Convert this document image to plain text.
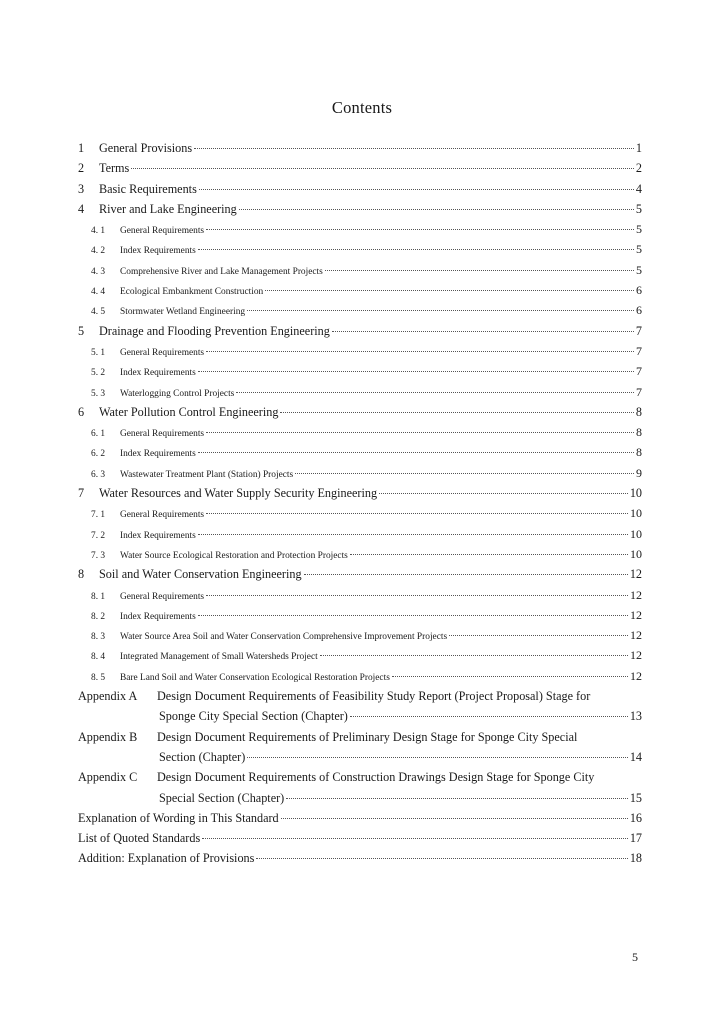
Contents
1	General Provisions	1
2	Terms	2
3	Basic Requirements	4
4	River and Lake Engineering	5
4. 1	General Requirements	5
4. 2	Index Requirements	5
4. 3	Comprehensive River and Lake Management Projects	5
4. 4	Ecological Embankment Construction	6
4. 5	Stormwater Wetland Engineering	6
5	Drainage and Flooding Prevention Engineering	7
5. 1	General Requirements	7
5. 2	Index Requirements	7
5. 3	Waterlogging Control Projects	7
6	Water Pollution Control Engineering	8
6. 1	General Requirements	8
6. 2	Index Requirements	8
6. 3	Wastewater Treatment Plant (Station) Projects	9
7	Water Resources and Water Supply Security Engineering	10
7. 1	General Requirements	10
7. 2	Index Requirements	10
7. 3	Water Source Ecological Restoration and Protection Projects	10
8	Soil and Water Conservation Engineering	12
8. 1	General Requirements	12
8. 2	Index Requirements	12
8. 3	Water Source Area Soil and Water Conservation Comprehensive Improvement Projects	12
8. 4	Integrated Management of Small Watersheds Project	12
8. 5	Bare Land Soil and Water Conservation Ecological Restoration Projects	12
Appendix A	Design Document Requirements of Feasibility Study Report (Project Proposal) Stage for
Sponge City Special Section (Chapter)	13
Appendix B	Design Document Requirements of Preliminary Design Stage for Sponge City Special
Section (Chapter)	14
Appendix C	Design Document Requirements of Construction Drawings Design Stage for Sponge City
Special Section (Chapter)	15
Explanation of Wording in This Standard	16
List of Quoted Standards	17
Addition: Explanation of Provisions	18
5
